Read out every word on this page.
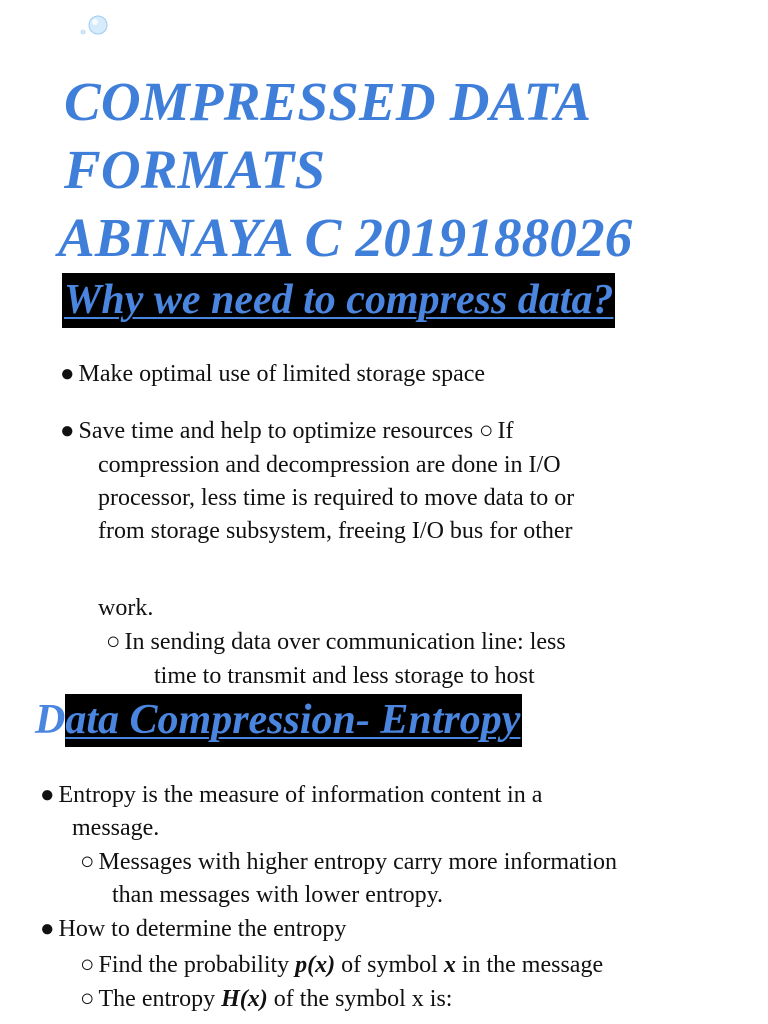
COMPRESSED DATA
FORMATS
ABINAYA C 2019188026
Why we need to compress data?
● Make optimal use of limited storage space
● Save time and help to optimize resources ○ If
compression and decompression are done in I/O
processor, less time is required to move data to or
from storage subsystem, freeing I/O bus for other
work.
○ In sending data over communication line: less
time to transmit and less storage to host
D ata Compression- Entropy
● Entropy is the measure of information content in a
message.
○ Messages with higher entropy carry more information
than messages with lower entropy.
● How to determine the entropy
○ Find the probability p(x) of symbol x in the message
○ The entropy H(x) of the symbol x is:
